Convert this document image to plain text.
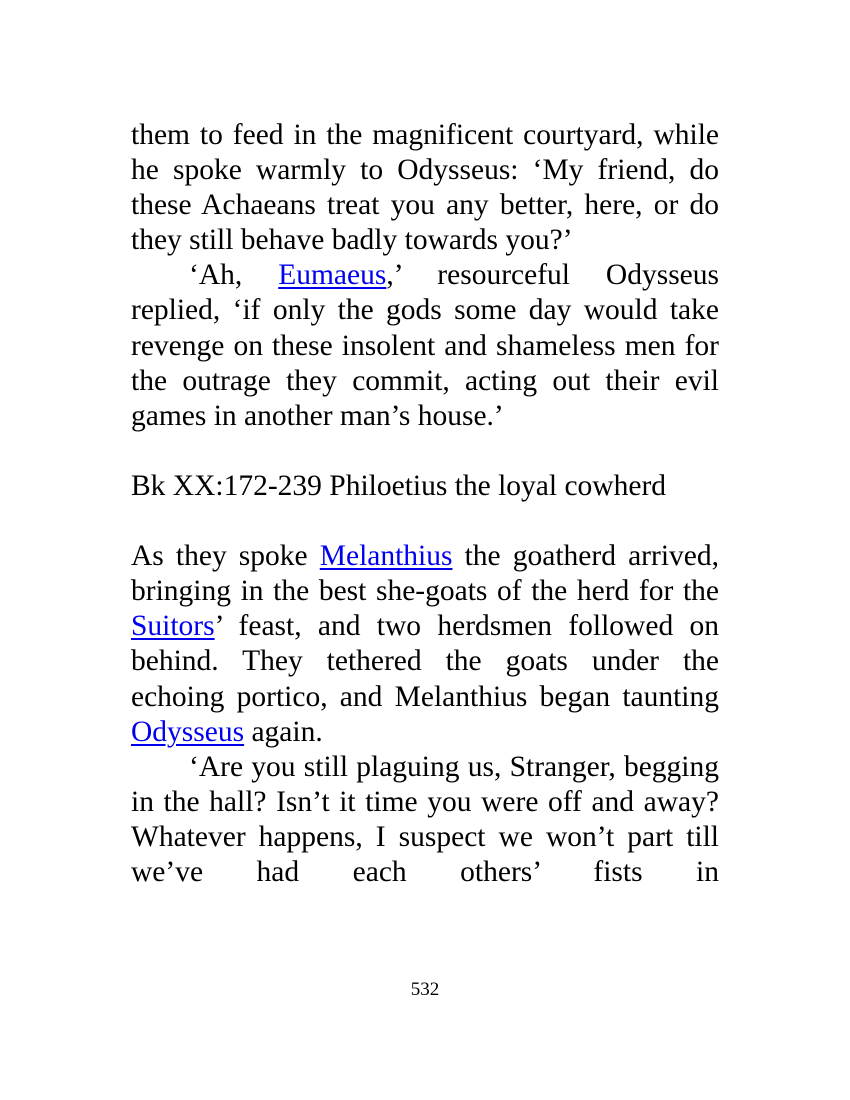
them to feed in the magnificent courtyard, while he spoke warmly to Odysseus: ‘My friend, do these Achaeans treat you any better, here, or do they still behave badly towards you?’

‘Ah, Eumaeus,’ resourceful Odysseus replied, ‘if only the gods some day would take revenge on these insolent and shameless men for the outrage they commit, acting out their evil games in another man’s house.’

Bk XX:172-239 Philoetius the loyal cowherd

As they spoke Melanthius the goatherd arrived, bringing in the best she-goats of the herd for the Suitors’ feast, and two herdsmen followed on behind. They tethered the goats under the echoing portico, and Melanthius began taunting Odysseus again.

‘Are you still plaguing us, Stranger, begging in the hall? Isn’t it time you were off and away? Whatever happens, I suspect we won’t part till we’ve had each others’ fists in

532
